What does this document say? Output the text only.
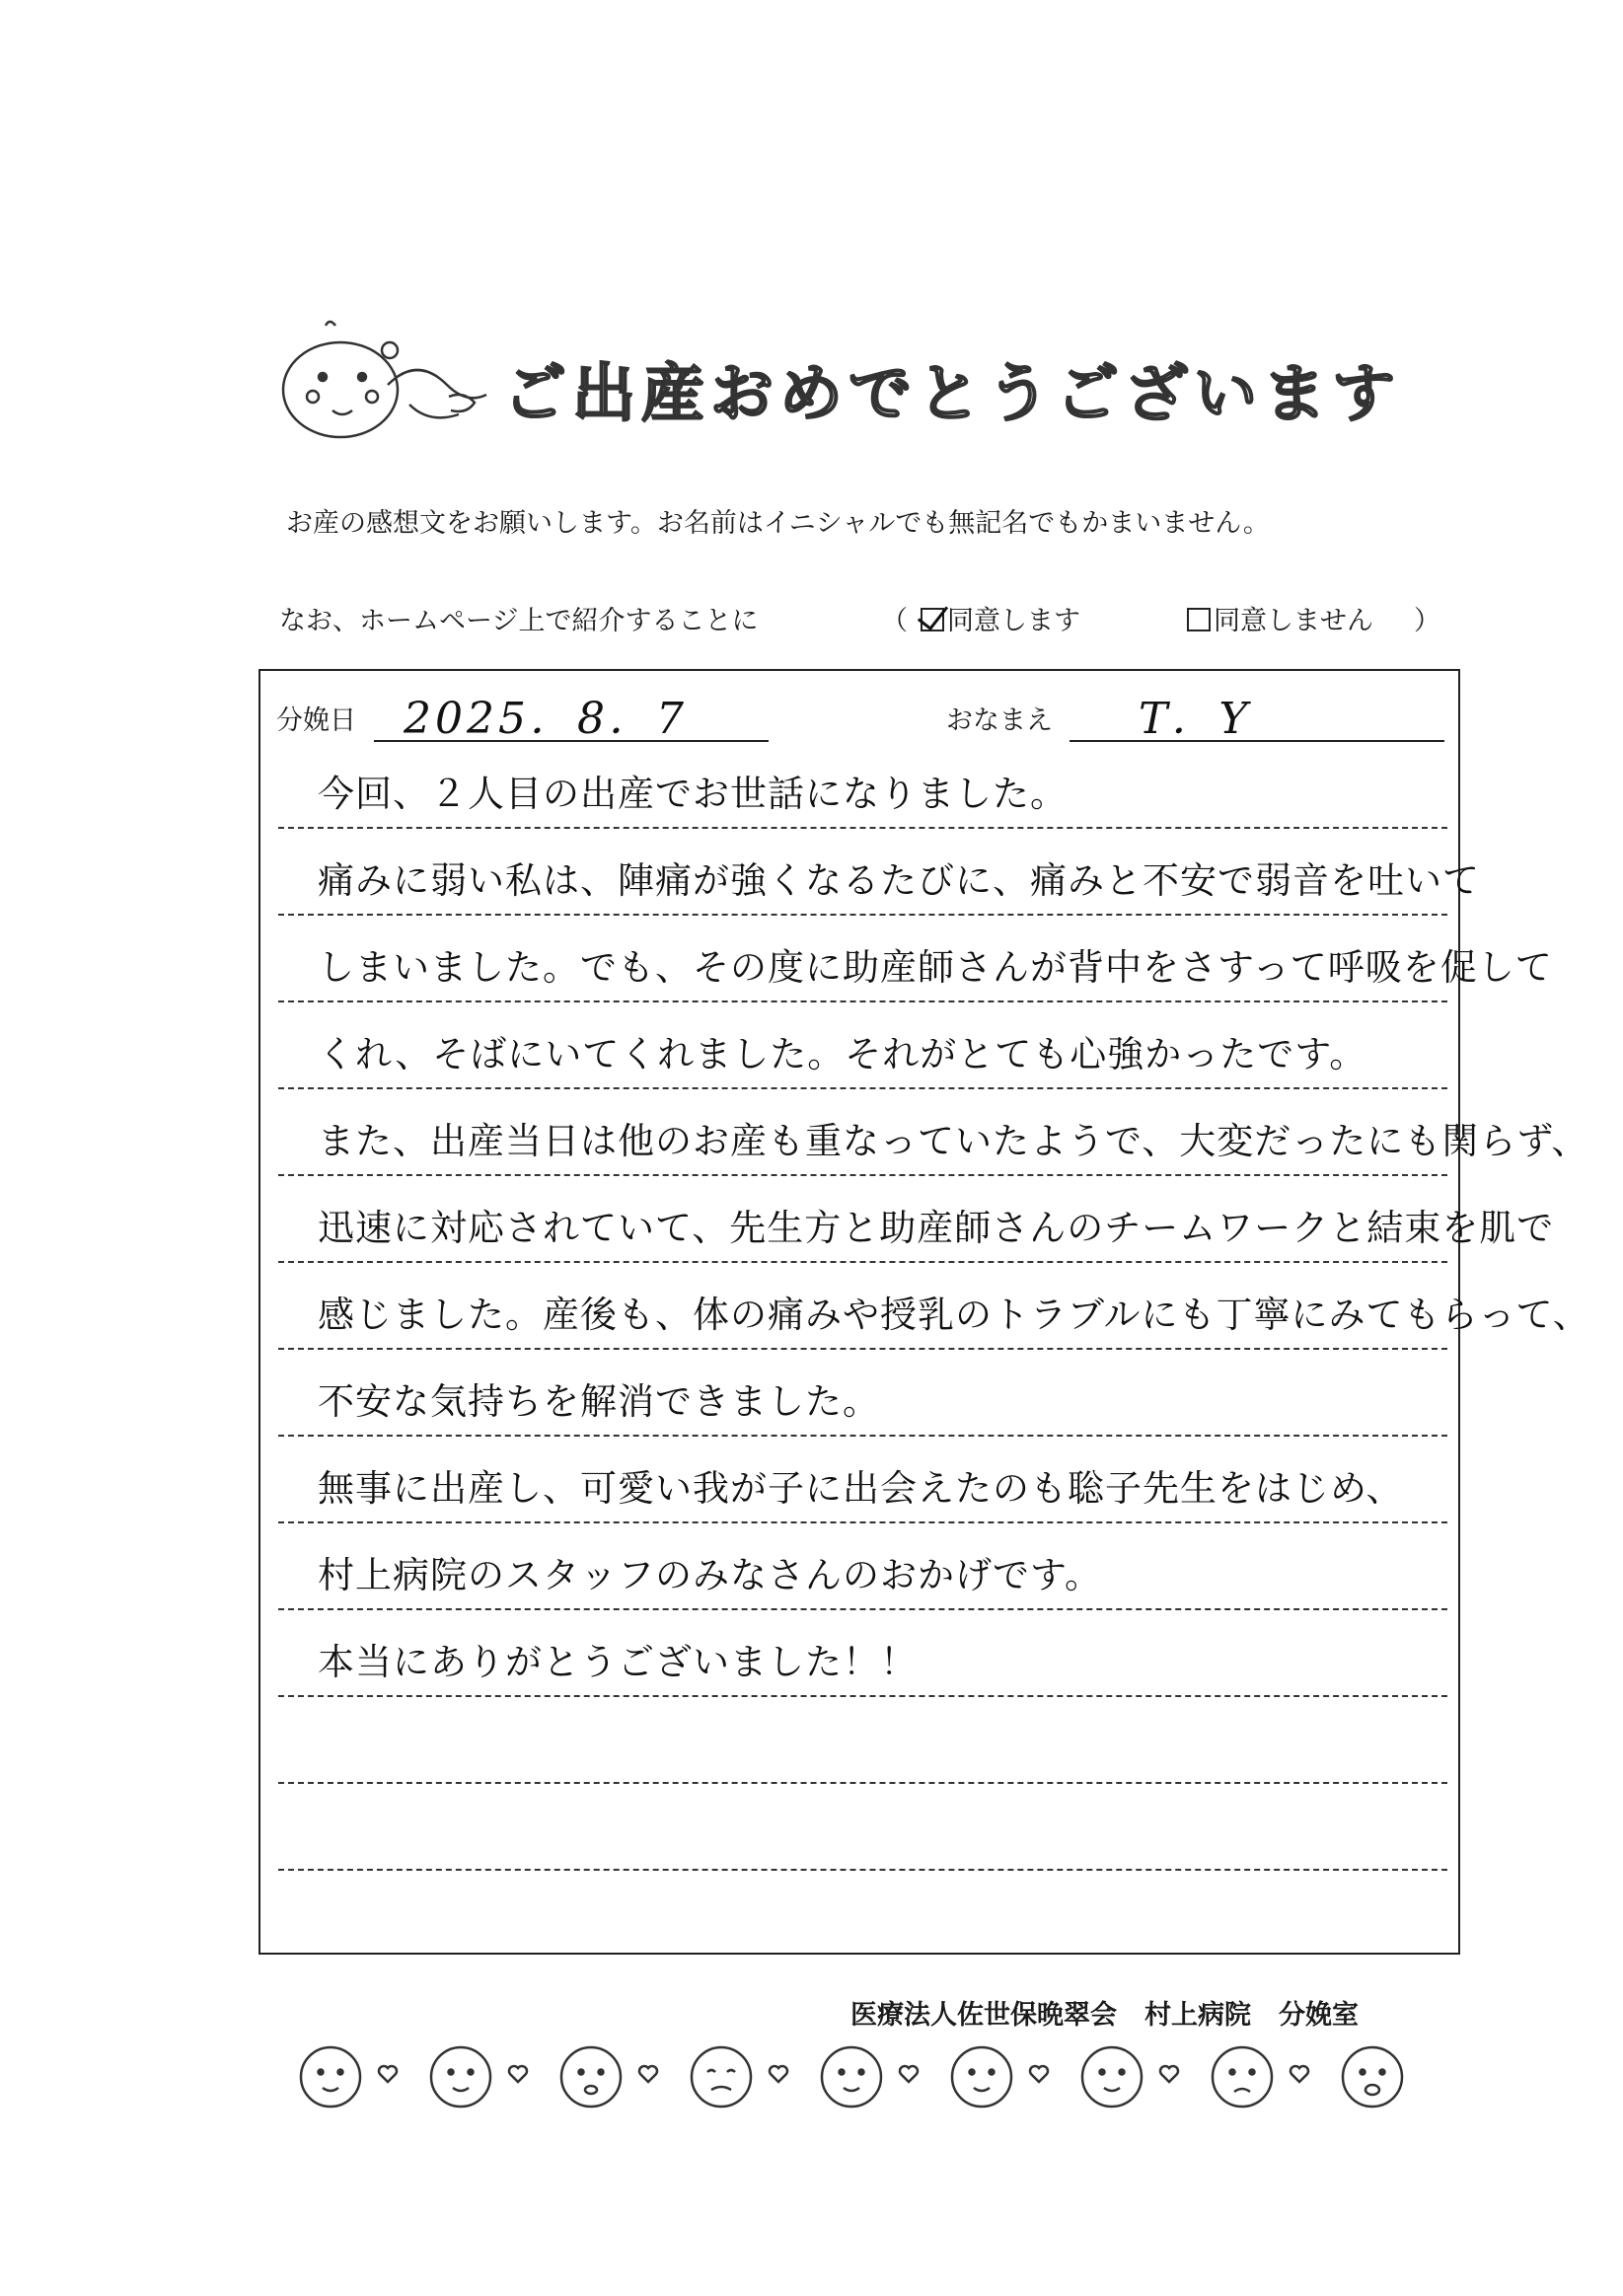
ご出産おめでとうございます
お産の感想文をお願いします。お名前はイニシャルでも無記名でもかまいません。
なお、ホームページ上で紹介することに	（	同意します	同意しません ）
分娩日 2025．8．7	おなまえ T．Y
今回、２人目の出産でお世話になりました。
痛みに弱い私は、陣痛が強くなるたびに、痛みと不安で弱音を吐いて
しまいました。でも、その度に助産師さんが背中をさすって呼吸を促して
くれ、そばにいてくれました。それがとても心強かったです。
また、出産当日は他のお産も重なっていたようで、大変だったにも関らず、
迅速に対応されていて、先生方と助産師さんのチームワークと結束を肌で
感じました。産後も、体の痛みや授乳のトラブルにも丁寧にみてもらって、
不安な気持ちを解消できました。
無事に出産し、可愛い我が子に出会えたのも聡子先生をはじめ、
村上病院のスタッフのみなさんのおかげです。
本当にありがとうございました！！
医療法人佐世保晩翠会 村上病院 分娩室
